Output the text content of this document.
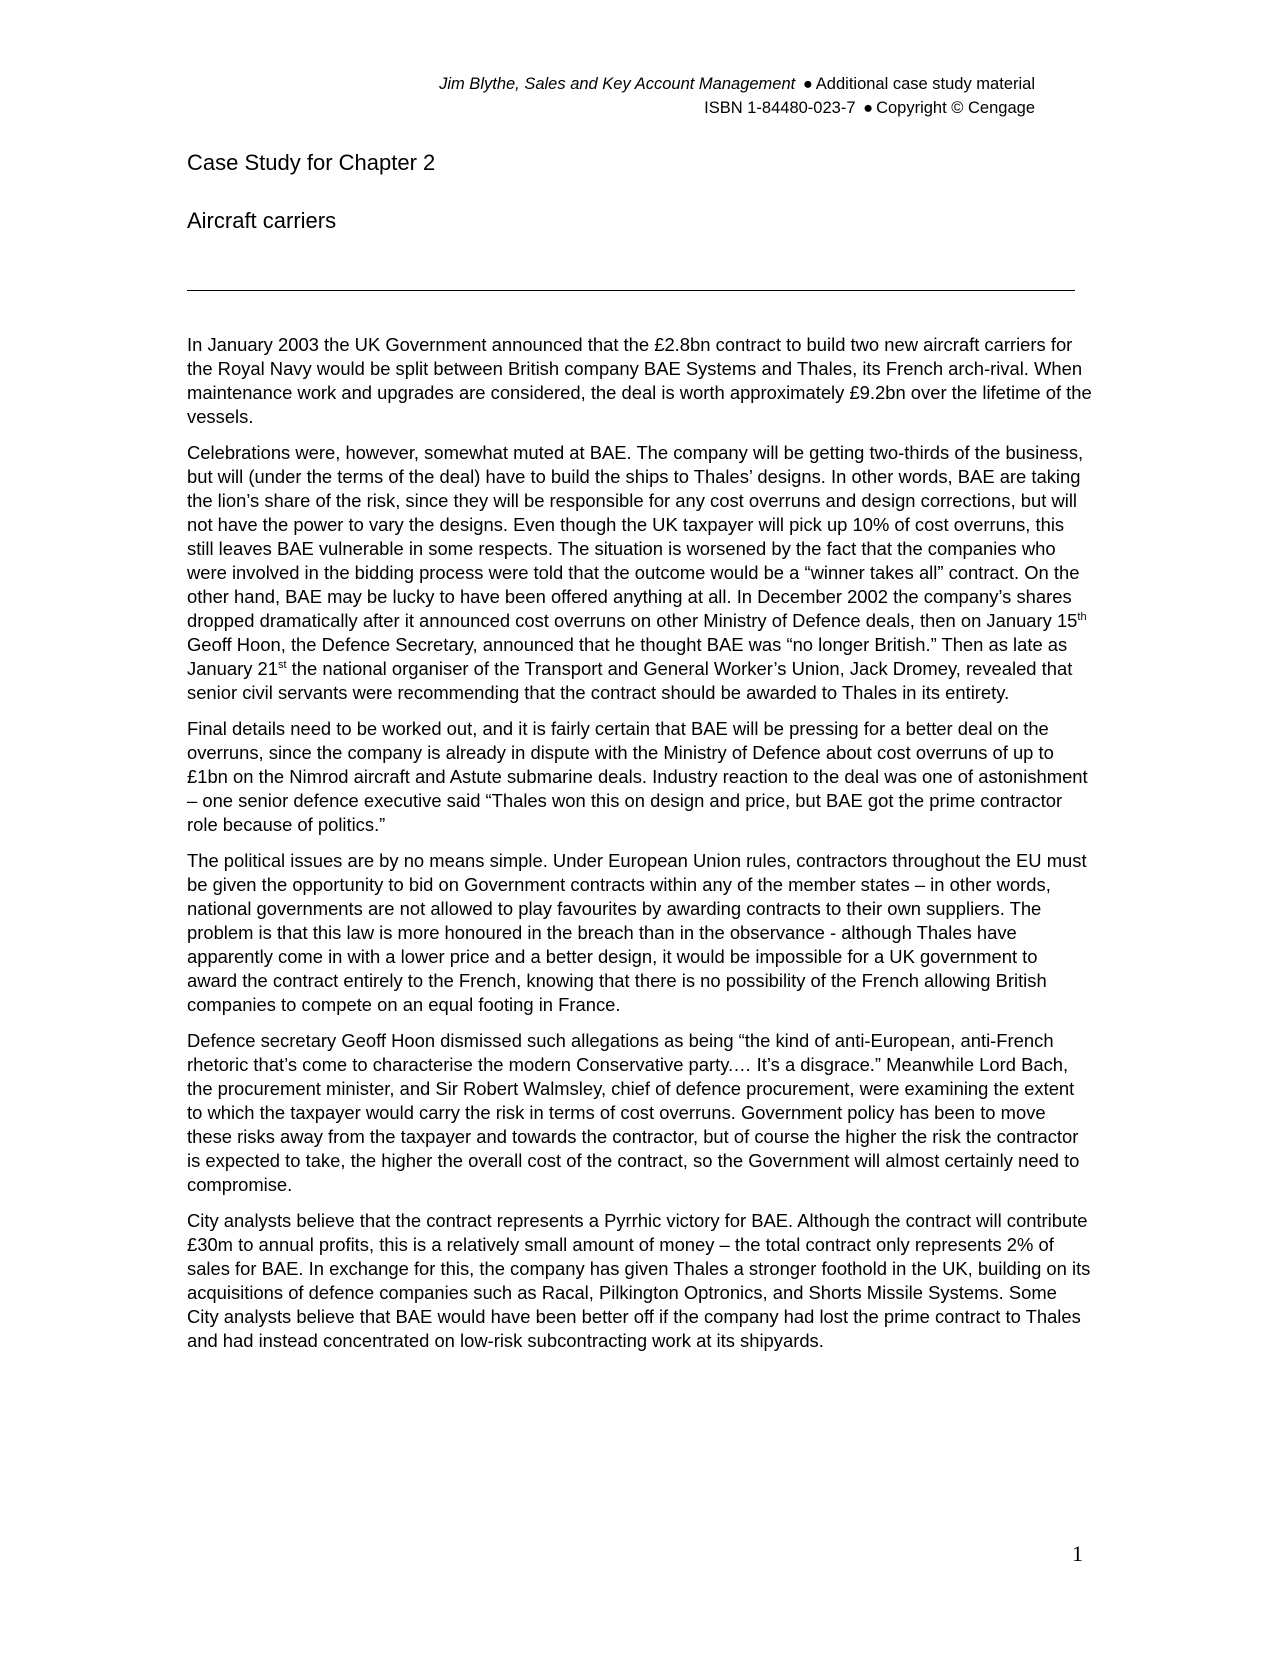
Jim Blythe, Sales and Key Account Management ● Additional case study material
ISBN 1-84480-023-7 ● Copyright © Cengage
Case Study for Chapter 2
Aircraft carriers

In January 2003 the UK Government announced that the £2.8bn contract to build two new aircraft carriers for the Royal Navy would be split between British company BAE Systems and Thales, its French arch-rival. When maintenance work and upgrades are considered, the deal is worth approximately £9.2bn over the lifetime of the vessels.

Celebrations were, however, somewhat muted at BAE. The company will be getting two-thirds of the business, but will (under the terms of the deal) have to build the ships to Thales’ designs. In other words, BAE are taking the lion’s share of the risk, since they will be responsible for any cost overruns and design corrections, but will not have the power to vary the designs. Even though the UK taxpayer will pick up 10% of cost overruns, this still leaves BAE vulnerable in some respects. The situation is worsened by the fact that the companies who were involved in the bidding process were told that the outcome would be a “winner takes all” contract. On the other hand, BAE may be lucky to have been offered anything at all. In December 2002 the company’s shares dropped dramatically after it announced cost overruns on other Ministry of Defence deals, then on January 15th Geoff Hoon, the Defence Secretary, announced that he thought BAE was “no longer British.” Then as late as January 21st the national organiser of the Transport and General Worker’s Union, Jack Dromey, revealed that senior civil servants were recommending that the contract should be awarded to Thales in its entirety.

Final details need to be worked out, and it is fairly certain that BAE will be pressing for a better deal on the overruns, since the company is already in dispute with the Ministry of Defence about cost overruns of up to £1bn on the Nimrod aircraft and Astute submarine deals. Industry reaction to the deal was one of astonishment – one senior defence executive said “Thales won this on design and price, but BAE got the prime contractor role because of politics.”

The political issues are by no means simple. Under European Union rules, contractors throughout the EU must be given the opportunity to bid on Government contracts within any of the member states – in other words, national governments are not allowed to play favourites by awarding contracts to their own suppliers. The problem is that this law is more honoured in the breach than in the observance - although Thales have apparently come in with a lower price and a better design, it would be impossible for a UK government to award the contract entirely to the French, knowing that there is no possibility of the French allowing British companies to compete on an equal footing in France.

Defence secretary Geoff Hoon dismissed such allegations as being “the kind of anti-European, anti-French rhetoric that’s come to characterise the modern Conservative party.… It’s a disgrace.” Meanwhile Lord Bach, the procurement minister, and Sir Robert Walmsley, chief of defence procurement, were examining the extent to which the taxpayer would carry the risk in terms of cost overruns. Government policy has been to move these risks away from the taxpayer and towards the contractor, but of course the higher the risk the contractor is expected to take, the higher the overall cost of the contract, so the Government will almost certainly need to compromise.

City analysts believe that the contract represents a Pyrrhic victory for BAE. Although the contract will contribute £30m to annual profits, this is a relatively small amount of money – the total contract only represents 2% of sales for BAE. In exchange for this, the company has given Thales a stronger foothold in the UK, building on its acquisitions of defence companies such as Racal, Pilkington Optronics, and Shorts Missile Systems. Some City analysts believe that BAE would have been better off if the company had lost the prime contract to Thales and had instead concentrated on low-risk subcontracting work at its shipyards.

1
